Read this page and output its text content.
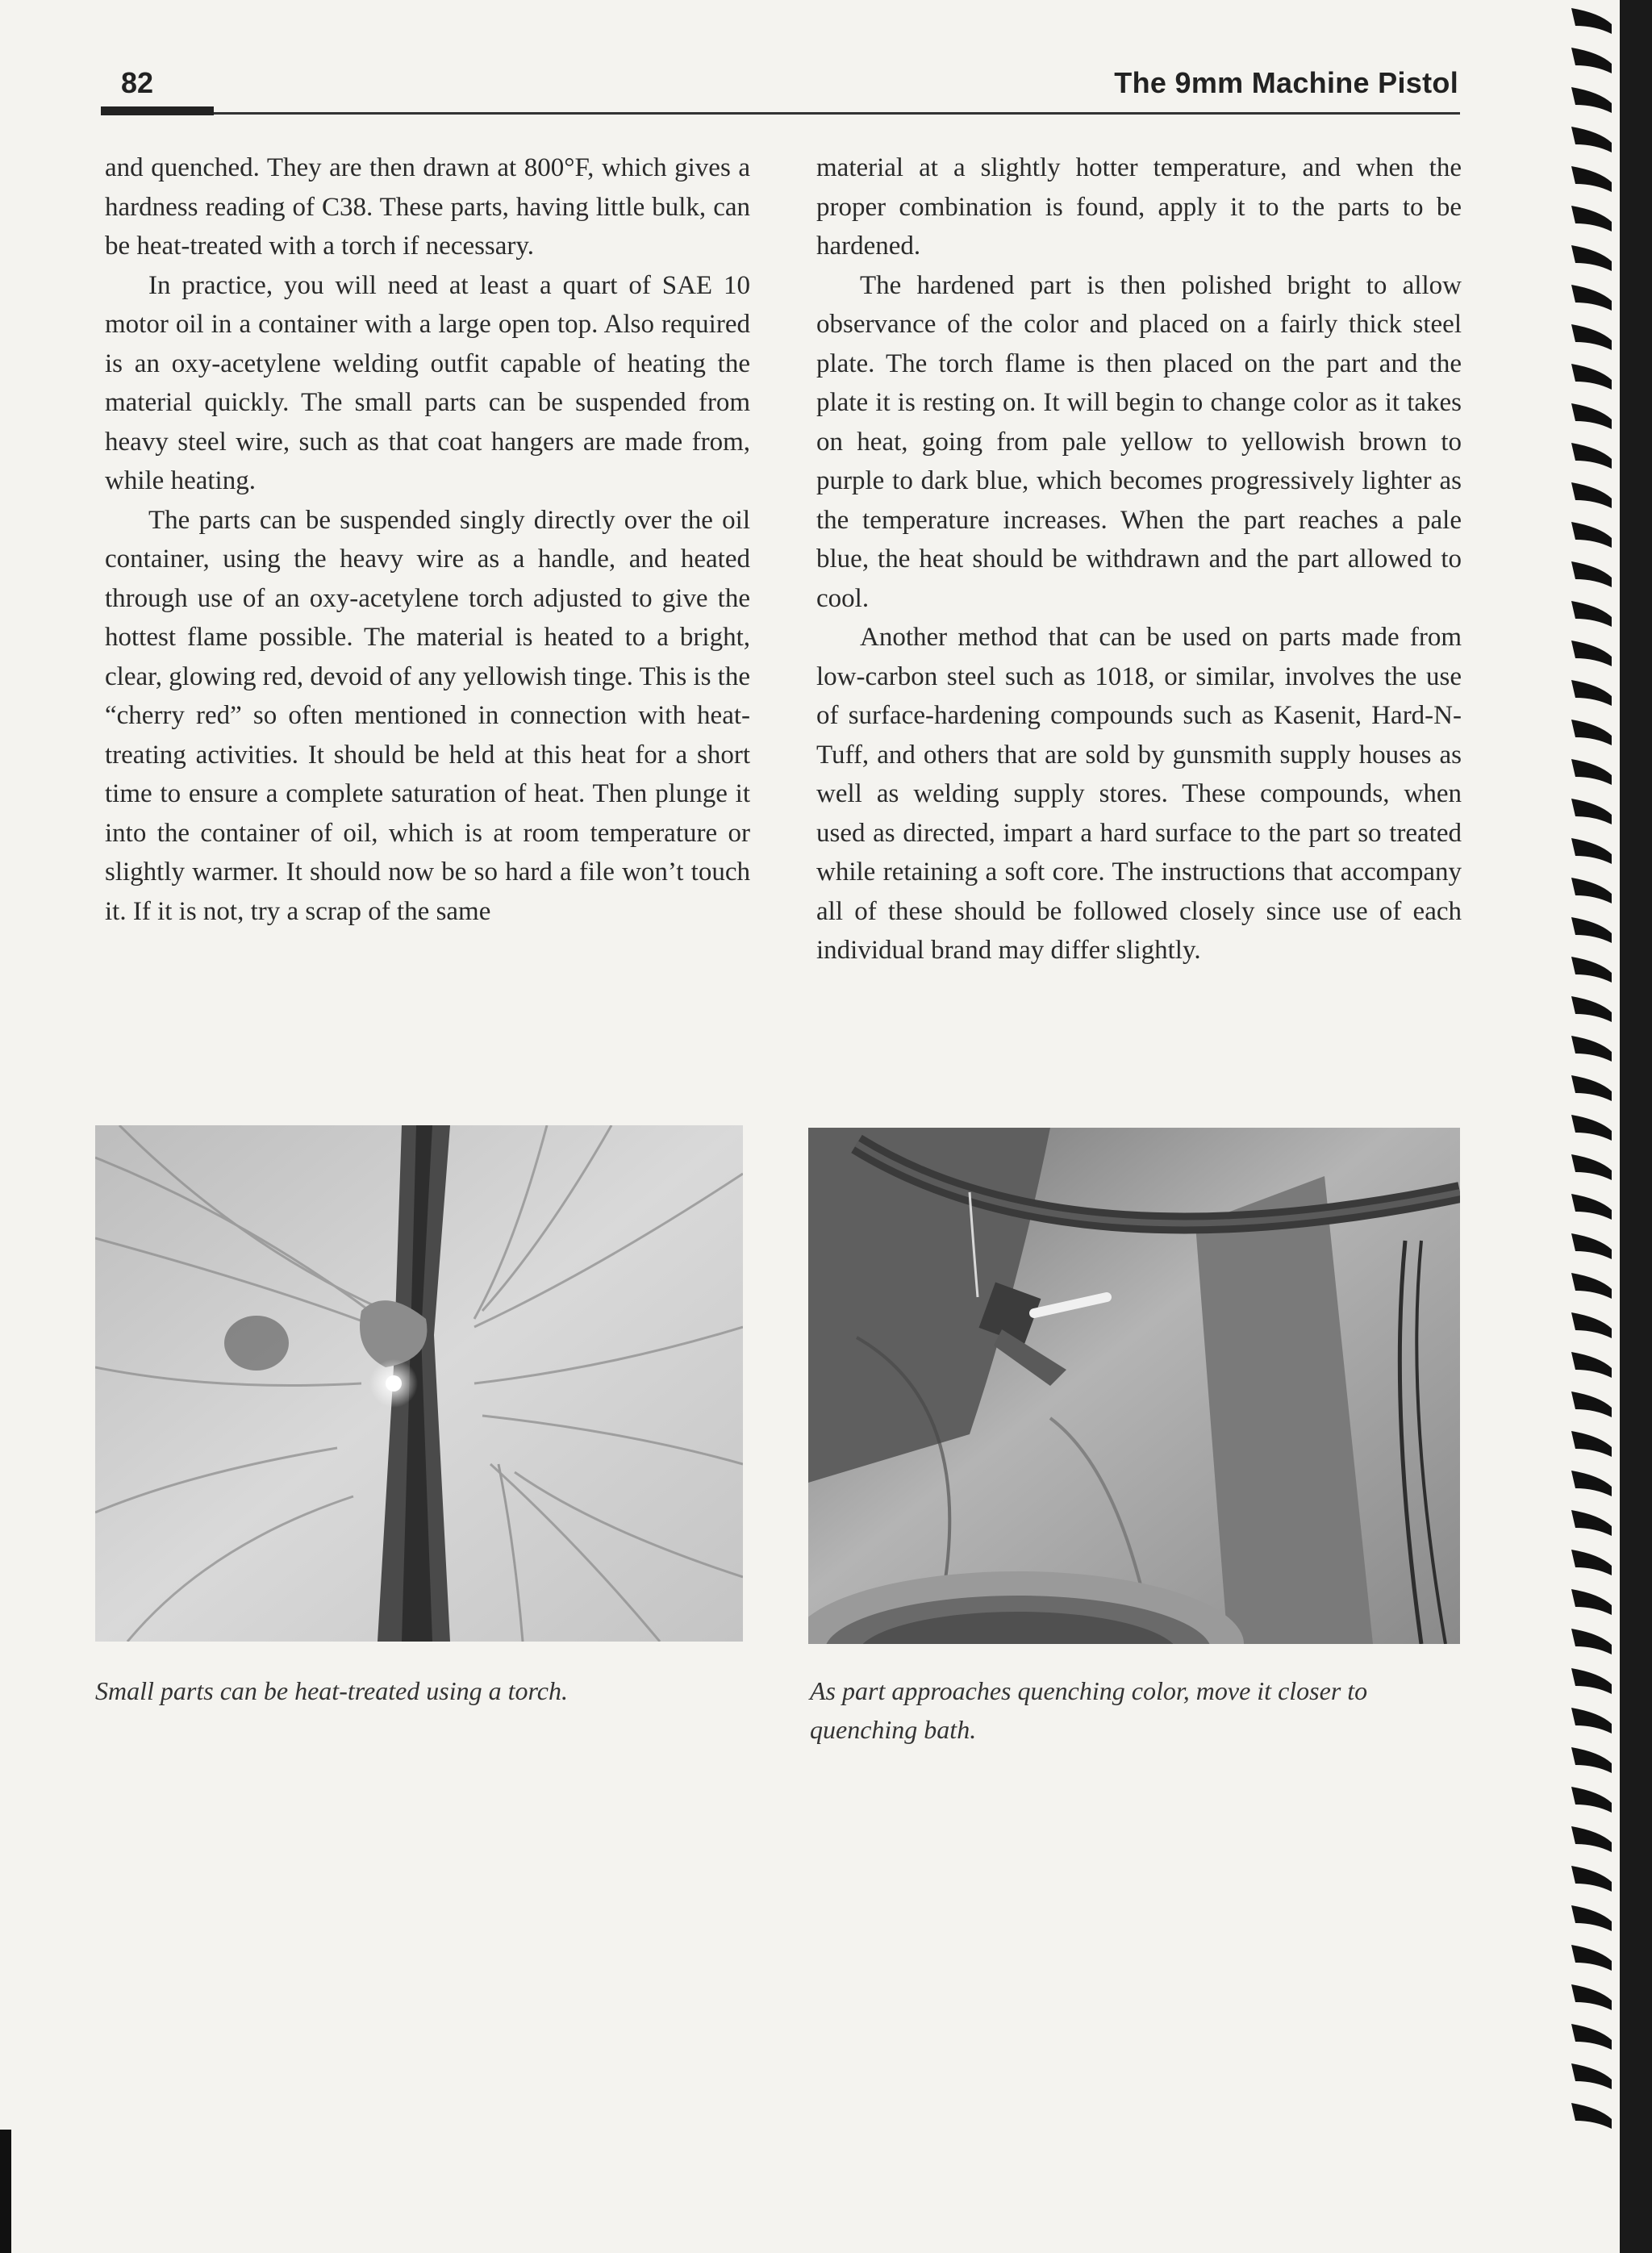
82	The 9mm Machine Pistol

and quenched. They are then drawn at 800°F, which gives a hardness reading of C38. These parts, having little bulk, can be heat-treated with a torch if necessary.

In practice, you will need at least a quart of SAE 10 motor oil in a container with a large open top. Also required is an oxy-acetylene welding outfit capable of heating the material quickly. The small parts can be suspended from heavy steel wire, such as that coat hangers are made from, while heating.

The parts can be suspended singly directly over the oil container, using the heavy wire as a handle, and heated through use of an oxy-acetylene torch adjusted to give the hottest flame possible. The material is heated to a bright, clear, glowing red, devoid of any yellowish tinge. This is the “cherry red” so often mentioned in connection with heat-treating activities. It should be held at this heat for a short time to ensure a complete saturation of heat. Then plunge it into the container of oil, which is at room temperature or slightly warmer. It should now be so hard a file won’t touch it. If it is not, try a scrap of the same

material at a slightly hotter temperature, and when the proper combination is found, apply it to the parts to be hardened.

The hardened part is then polished bright to allow observance of the color and placed on a fairly thick steel plate. The torch flame is then placed on the part and the plate it is resting on. It will begin to change color as it takes on heat, going from pale yellow to yellowish brown to purple to dark blue, which becomes progressively lighter as the temperature increases. When the part reaches a pale blue, the heat should be withdrawn and the part allowed to cool.

Another method that can be used on parts made from low-carbon steel such as 1018, or similar, involves the use of surface-hardening compounds such as Kasenit, Hard-N-Tuff, and others that are sold by gunsmith supply houses as well as welding supply stores. These compounds, when used as directed, impart a hard surface to the part so treated while retaining a soft core. The instructions that accompany all of these should be followed closely since use of each individual brand may differ slightly.

Small parts can be heat-treated using a torch.	As part approaches quenching color, move it closer to quenching bath.
